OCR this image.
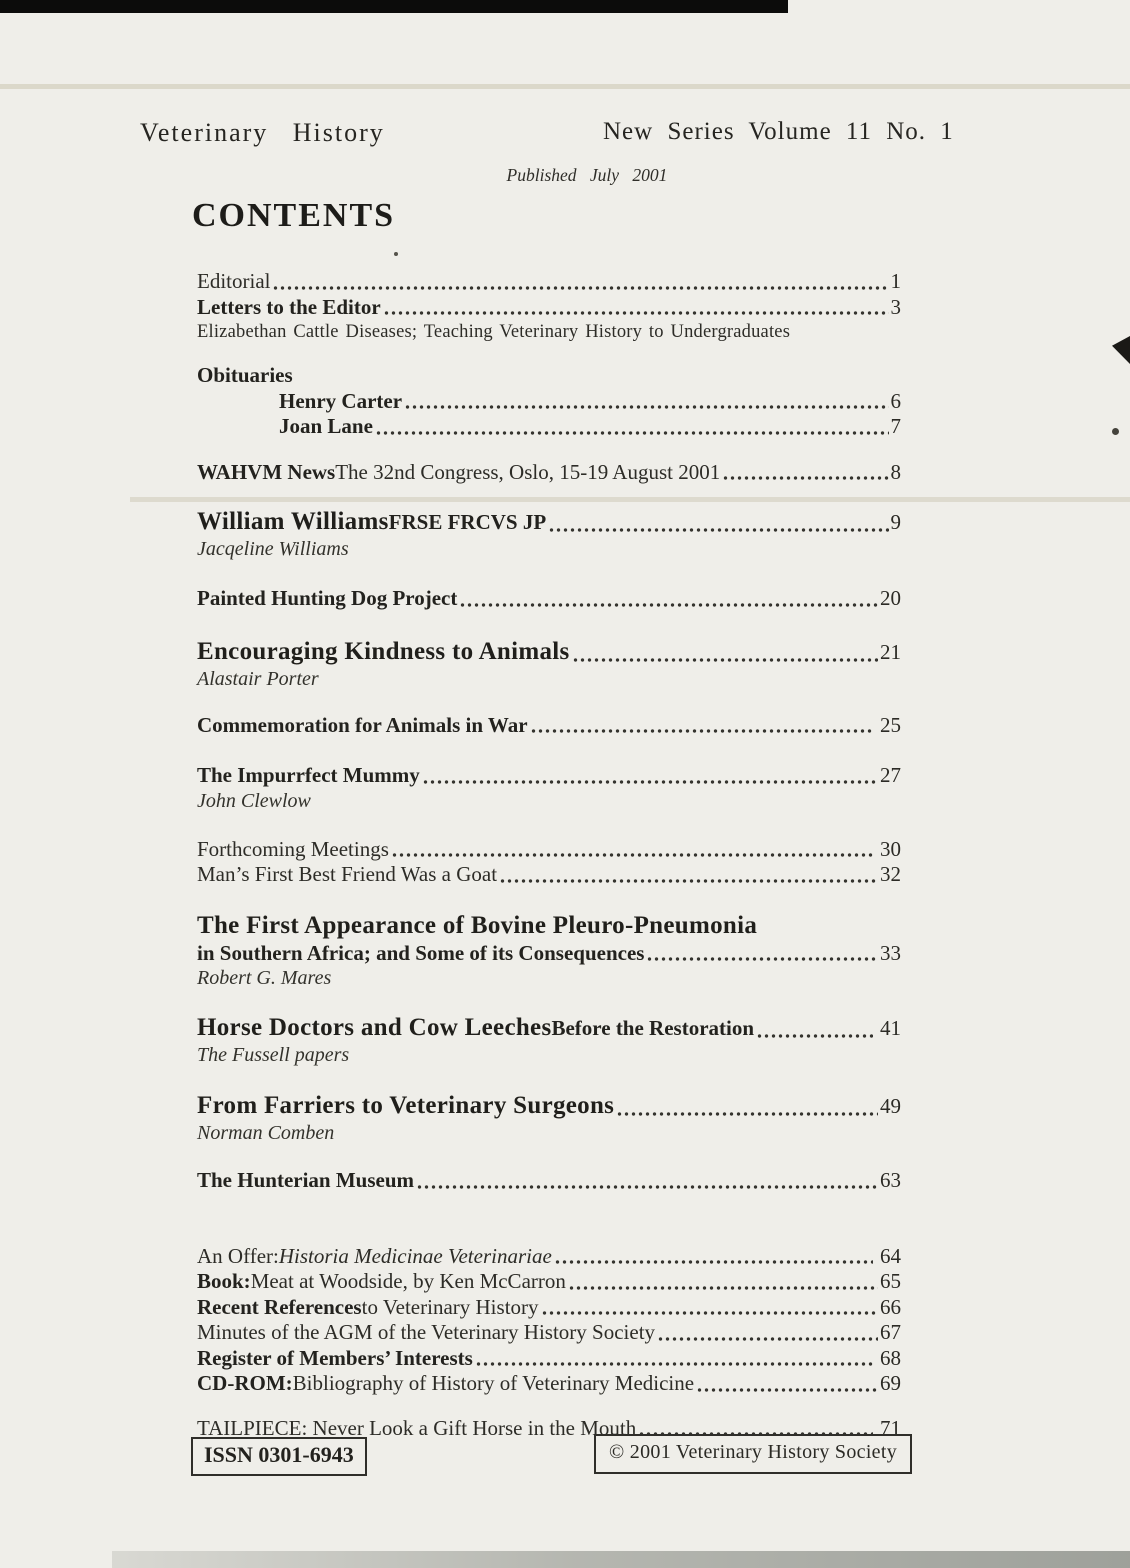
Veterinary History	New Series Volume 11 No. 1
Published July 2001
CONTENTS
Editorial	1
Letters to the Editor	3
Elizabethan Cattle Diseases; Teaching Veterinary History to Undergraduates
Obituaries
Henry Carter	6
Joan Lane	7
WAHVM News The 32nd Congress, Oslo, 15-19 August 2001	8
William Williams FRSE FRCVS JP	9
Jacqeline Williams
Painted Hunting Dog Project	20
Encouraging Kindness to Animals	21
Alastair Porter
Commemoration for Animals in War	25
The Impurrfect Mummy	27
John Clewlow
Forthcoming Meetings	30
Man’s First Best Friend Was a Goat	32
The First Appearance of Bovine Pleuro-Pneumonia
in Southern Africa; and Some of its Consequences	33
Robert G. Mares
Horse Doctors and Cow Leeches Before the Restoration	41
The Fussell papers
From Farriers to Veterinary Surgeons	49
Norman Comben
The Hunterian Museum	63
An Offer: Historia Medicinae Veterinariae	64
Book: Meat at Woodside, by Ken McCarron	65
Recent References to Veterinary History	66
Minutes of the AGM of the Veterinary History Society	67
Register of Members’ Interests	68
CD-ROM: Bibliography of History of Veterinary Medicine	69
TAILPIECE: Never Look a Gift Horse in the Mouth	71
ISSN 0301-6943	© 2001 Veterinary History Society
